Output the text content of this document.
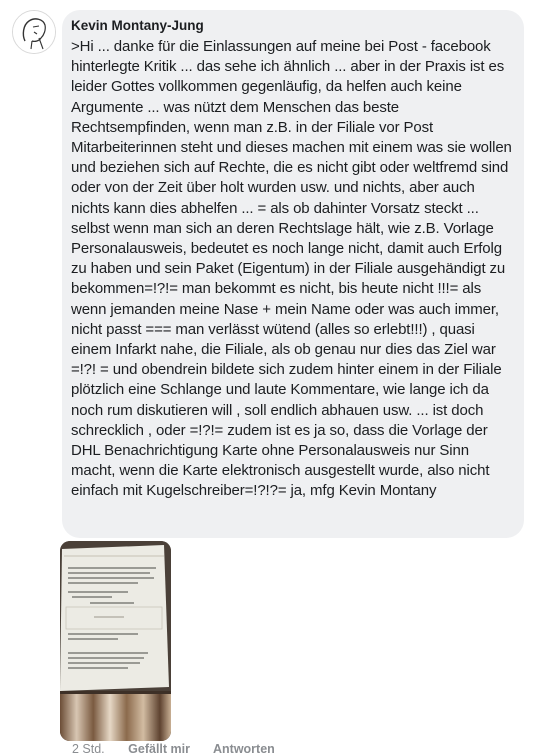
Kevin Montany-Jung

>Hi ... danke für die Einlassungen auf meine bei Post - facebook hinterlegte Kritik ... das sehe ich ähnlich ... aber in der Praxis ist es leider Gottes vollkommen gegenläufig, da helfen auch keine Argumente ... was nützt dem Menschen das beste Rechtsempfinden, wenn man z.B. in der Filiale vor Post Mitarbeiterinnen steht und dieses machen mit einem was sie wollen und beziehen sich auf Rechte, die es nicht gibt oder weltfremd sind oder von der Zeit über holt wurden usw. und nichts, aber auch nichts kann dies abhelfen ... = als ob dahinter Vorsatz steckt ... selbst wenn man sich an deren Rechtslage hält, wie z.B. Vorlage Personalausweis, bedeutet es noch lange nicht, damit auch Erfolg zu haben und sein Paket (Eigentum) in der Filiale ausgehändigt zu bekommen=!?!= man bekommt es nicht, bis heute nicht !!!= als wenn jemanden meine Nase + mein Name oder was auch immer, nicht passt === man verlässt wütend (alles so erlebt!!!) , quasi einem Infarkt nahe, die Filiale, als ob genau nur dies das Ziel war =!?! = und obendrein bildete sich zudem hinter einem in der Filiale plötzlich eine Schlange und laute Kommentare, wie lange ich da noch rum diskutieren will , soll endlich abhauen usw. ... ist doch schrecklich , oder =!?!= zudem ist es ja so, dass die Vorlage der DHL Benachrichtigung Karte ohne Personalausweis nur Sinn macht, wenn die Karte elektronisch ausgestellt wurde, also nicht einfach mit Kugelschreiber=!?!?= ja, mfg Kevin Montany

2 Std. Gefällt mir Antworten
